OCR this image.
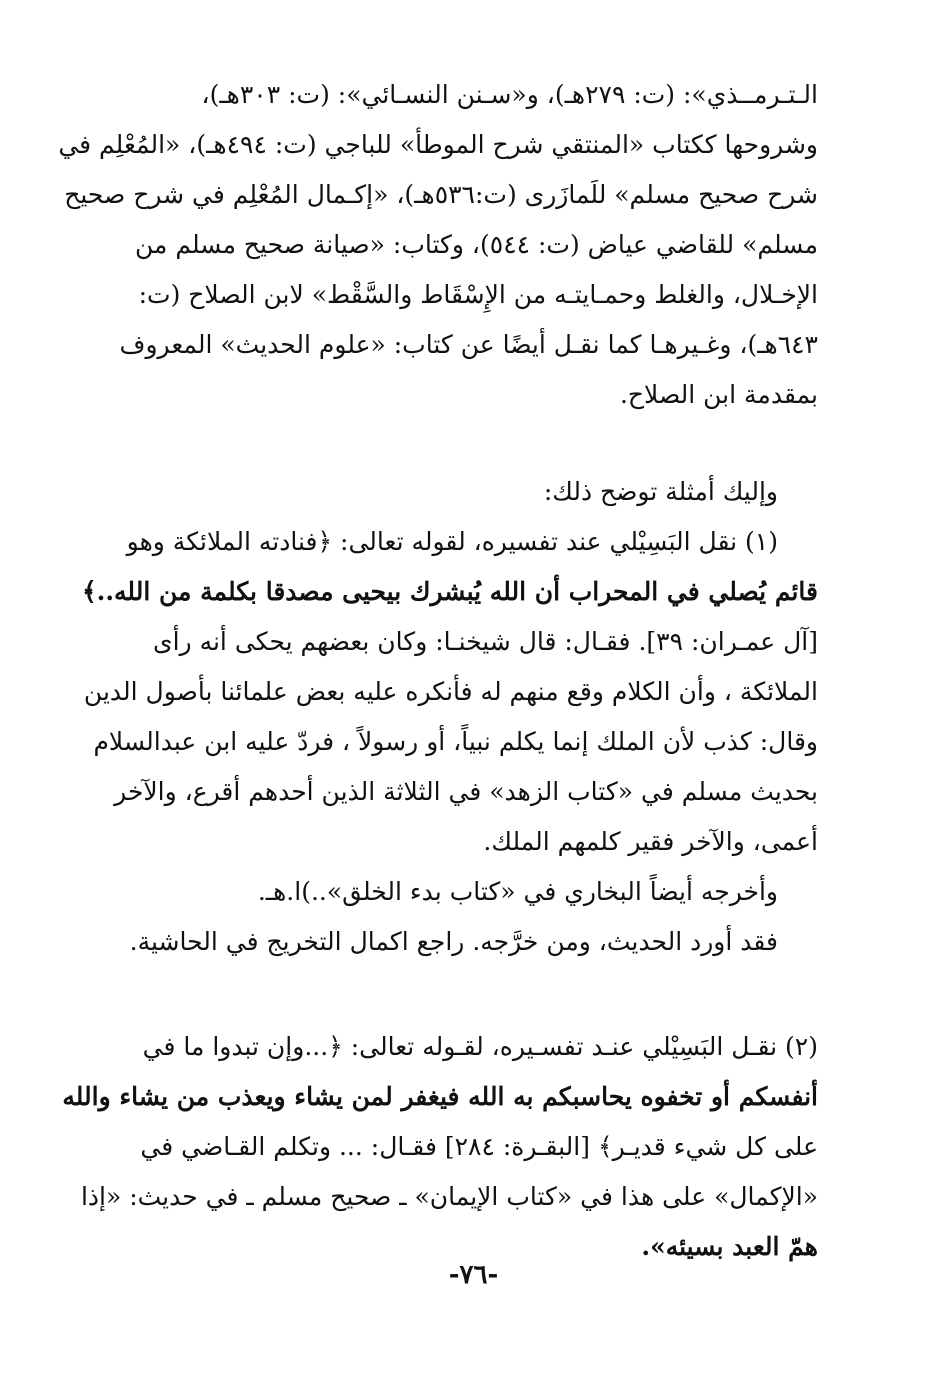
الـتـرمــذي»: (ت: ٢٧٩هـ)، و«سـنن النسـائي»: (ت: ٣٠٣هـ)،
وشروحها ككتاب «المنتقي شرح الموطأ» للباجي (ت: ٤٩٤هـ)، «المُعْلِم في
شرح صحيح مسلم» للَمازَرى (ت:٥٣٦هـ)، «إكـمال المُعْلِم في شرح صحيح
مسلم» للقاضي عياض (ت: ٥٤٤)، وكتاب: «صيانة صحيح مسلم من
الإخـلال، والغلط وحمـايتـه من الإِسْقَاط والسَّقْط» لابن الصلاح (ت:
٦٤٣هـ)، وغـيرهـا كما نقـل أيضًا عن كتاب: «علوم الحديث» المعروف
بمقدمة ابن الصلاح.
وإليك أمثلة توضح ذلك:
(١) نقل البَسِيْلي عند تفسيره، لقوله تعالى: ﴿فنادته الملائكة وهو
قائم يُصلي في المحراب أن الله يُبشرك بيحيى مصدقا بكلمة من الله..﴾
[آل عمـران: ٣٩]. فقـال: قال شيخنـا: وكان بعضهم يحكى أنه رأى
الملائكة ، وأن الكلام وقع منهم له فأنكره عليه بعض علمائنا بأصول الدين
وقال: كذب لأن الملك إنما يكلم نبياً، أو رسولاً ، فردّ عليه ابن عبدالسلام
بحديث مسلم في «كتاب الزهد» في الثلاثة الذين أحدهم أقرع، والآخر
أعمى، والآخر فقير كلمهم الملك.
وأخرجه أيضاً البخاري في «كتاب بدء الخلق»..)ا.هـ.
فقد أورد الحديث، ومن خرَّجه. راجع اكمال التخريج في الحاشية.
(٢) نقـل البَسِيْلي عنـد تفسـيره، لقـوله تعالى: ﴿...وإن تبدوا ما في
أنفسكم أو تخفوه يحاسبكم به الله فيغفر لمن يشاء ويعذب من يشاء والله
على كل شيء قديـر﴾ [البقـرة: ٢٨٤] فقـال: ... وتكلم القـاضي في
«الإكمال» على هذا في «كتاب الإيمان» ـ صحيح مسلم ـ في حديث: «إذا
همّ العبد بسيئه».
-٧٦-
